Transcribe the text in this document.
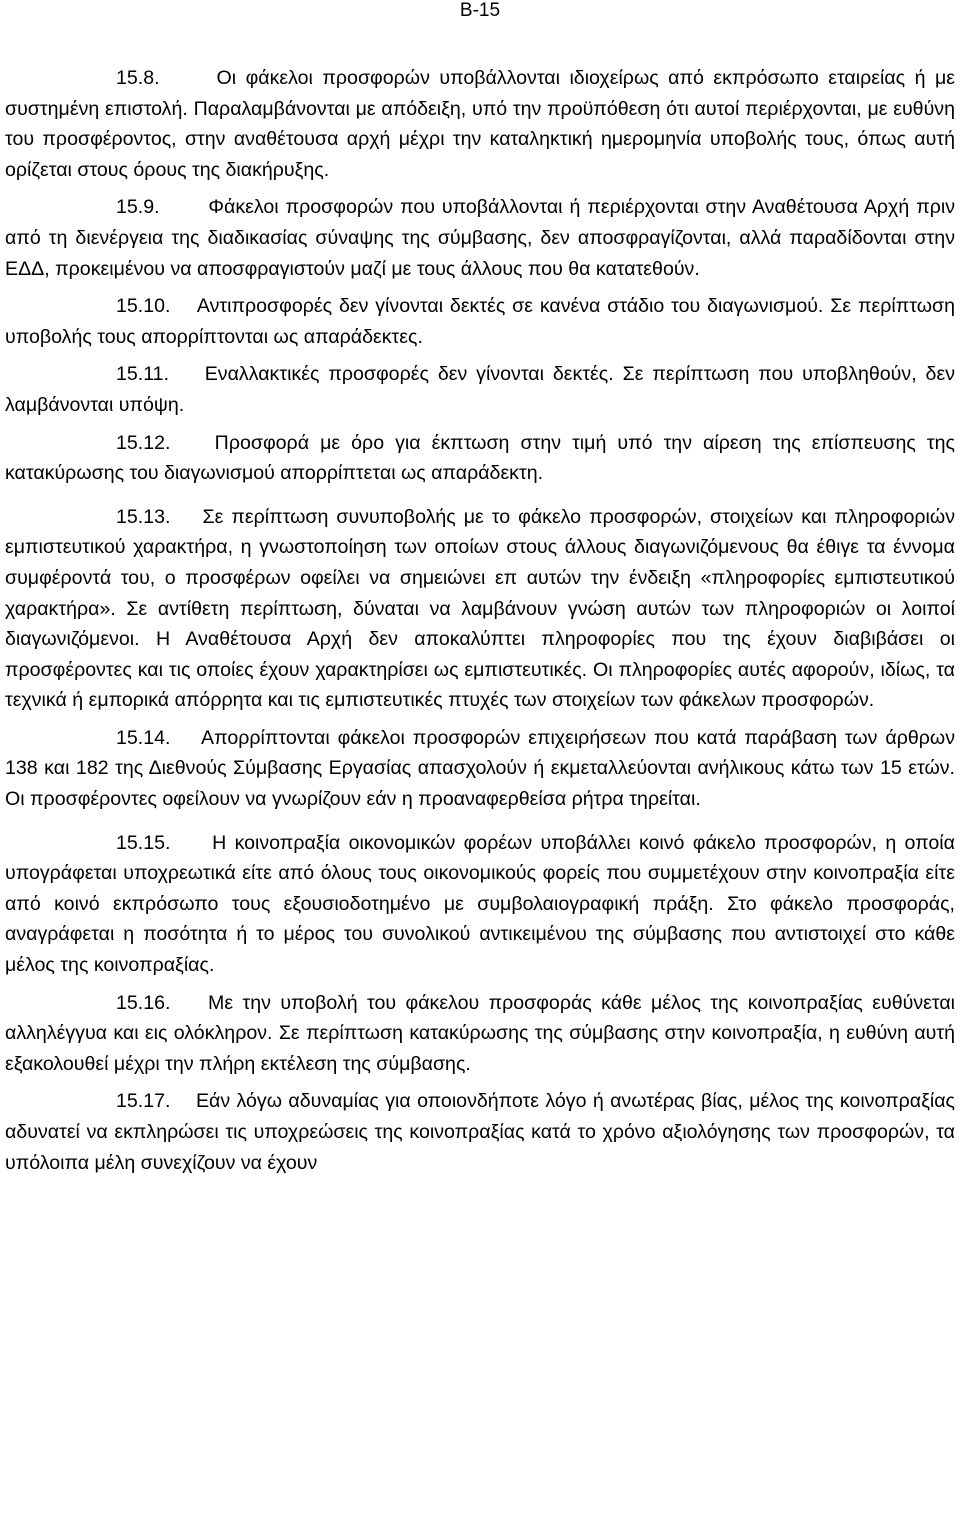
B-15

15.8.	Οι φάκελοι προσφορών υποβάλλονται ιδιοχείρως από εκπρόσωπο εταιρείας ή με συστημένη επιστολή. Παραλαμβάνονται με απόδειξη, υπό την προϋπόθεση ότι αυτοί περιέρχονται, με ευθύνη του προσφέροντος, στην αναθέτουσα αρχή μέχρι την καταληκτική ημερομηνία υποβολής τους, όπως αυτή ορίζεται στους όρους της διακήρυξης.

15.9. Φάκελοι προσφορών που υποβάλλονται ή περιέρχονται στην Αναθέτουσα Αρχή πριν από τη διενέργεια της διαδικασίας σύναψης της σύμβασης, δεν αποσφραγίζονται, αλλά παραδίδονται στην ΕΔΔ, προκειμένου να αποσφραγιστούν μαζί με τους άλλους που θα κατατεθούν.

15.10. Αντιπροσφορές δεν γίνονται δεκτές σε κανένα στάδιο του διαγωνισμού. Σε περίπτωση υποβολής τους απορρίπτονται ως απαράδεκτες.

15.11. Εναλλακτικές προσφορές δεν γίνονται δεκτές. Σε περίπτωση που υποβληθούν, δεν λαμβάνονται υπόψη.

15.12. Προσφορά με όρο για έκπτωση στην τιμή υπό την αίρεση της επίσπευσης της κατακύρωσης του διαγωνισμού απορρίπτεται ως απαράδεκτη.

15.13. Σε περίπτωση συνυποβολής με το φάκελο προσφορών, στοιχείων και πληροφοριών εμπιστευτικού χαρακτήρα, η γνωστοποίηση των οποίων στους άλλους διαγωνιζόμενους θα έθιγε τα έννομα συμφέροντά του, ο προσφέρων οφείλει να σημειώνει επ αυτών την ένδειξη «πληροφορίες εμπιστευτικού χαρακτήρα». Σε αντίθετη περίπτωση, δύναται να λαμβάνουν γνώση αυτών των πληροφοριών οι λοιποί διαγωνιζόμενοι. Η Αναθέτουσα Αρχή δεν αποκαλύπτει πληροφορίες που της έχουν διαβιβάσει οι προσφέροντες και τις οποίες έχουν χαρακτηρίσει ως εμπιστευτικές. Οι πληροφορίες αυτές αφορούν, ιδίως, τα τεχνικά ή εμπορικά απόρρητα και τις εμπιστευτικές πτυχές των στοιχείων των φάκελων προσφορών.

15.14. Απορρίπτονται φάκελοι προσφορών επιχειρήσεων που κατά παράβαση των άρθρων 138 και 182 της Διεθνούς Σύμβασης Εργασίας απασχολούν ή εκμεταλλεύονται ανήλικους κάτω των 15 ετών. Οι προσφέροντες οφείλουν να γνωρίζουν εάν η προαναφερθείσα ρήτρα τηρείται.

15.15. Η κοινοπραξία οικονομικών φορέων υποβάλλει κοινό φάκελο προσφορών, η οποία υπογράφεται υποχρεωτικά είτε από όλους τους οικονομικούς φορείς που συμμετέχουν στην κοινοπραξία είτε από κοινό εκπρόσωπο τους εξουσιοδοτημένο με συμβολαιογραφική πράξη. Στο φάκελο προσφοράς, αναγράφεται η ποσότητα ή το μέρος του συνολικού αντικειμένου της σύμβασης που αντιστοιχεί στο κάθε μέλος της κοινοπραξίας.

15.16. Με την υποβολή του φάκελου προσφοράς κάθε μέλος της κοινοπραξίας ευθύνεται αλληλέγγυα και εις ολόκληρον. Σε περίπτωση κατακύρωσης της σύμβασης στην κοινοπραξία, η ευθύνη αυτή εξακολουθεί μέχρι την πλήρη εκτέλεση της σύμβασης.

15.17. Εάν λόγω αδυναμίας για οποιονδήποτε λόγο ή ανωτέρας βίας, μέλος της κοινοπραξίας αδυνατεί να εκπληρώσει τις υποχρεώσεις της κοινοπραξίας κατά το χρόνο αξιολόγησης των προσφορών, τα υπόλοιπα μέλη συνεχίζουν να έχουν
